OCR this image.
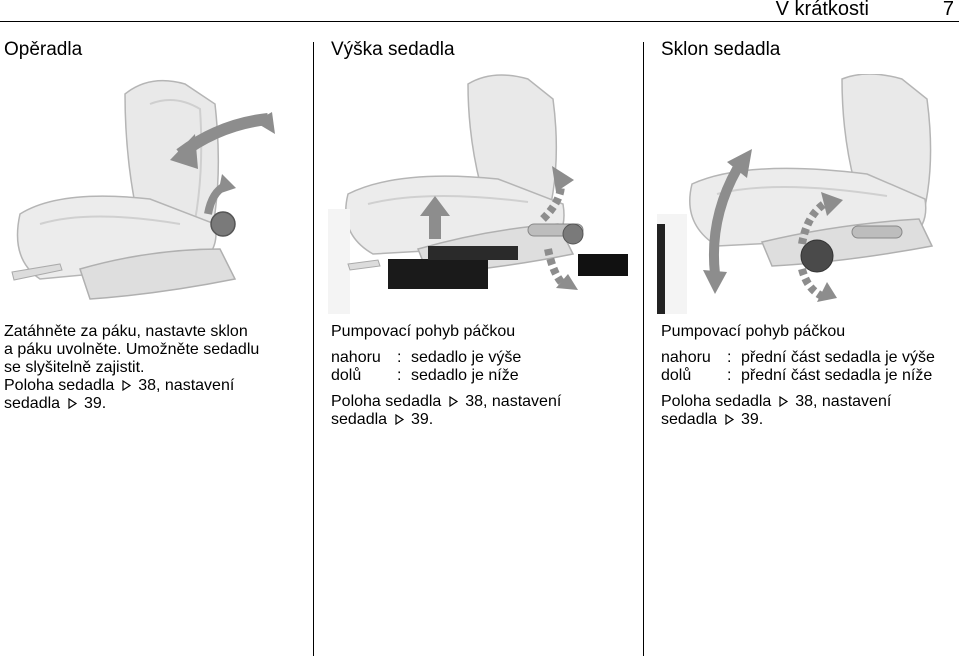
V krátkosti	7
Opěradla

Zatáhněte za páku, nastavte sklon

a páku uvolněte. Umožněte sedadlu

se slyšitelně zajistit.

Poloha sedadla 38, nastavení

sedadla 39.

Výška sedadla

Pumpovací pohyb páčkou

nahoru	: sedadlo je výše
dolů	: sedadlo je níže

Poloha sedadla 38, nastavení

sedadla 39.

Sklon sedadla

Pumpovací pohyb páčkou

nahoru	: přední část sedadla je výše
dolů	: přední část sedadla je níže

Poloha sedadla 38, nastavení

sedadla 39.
